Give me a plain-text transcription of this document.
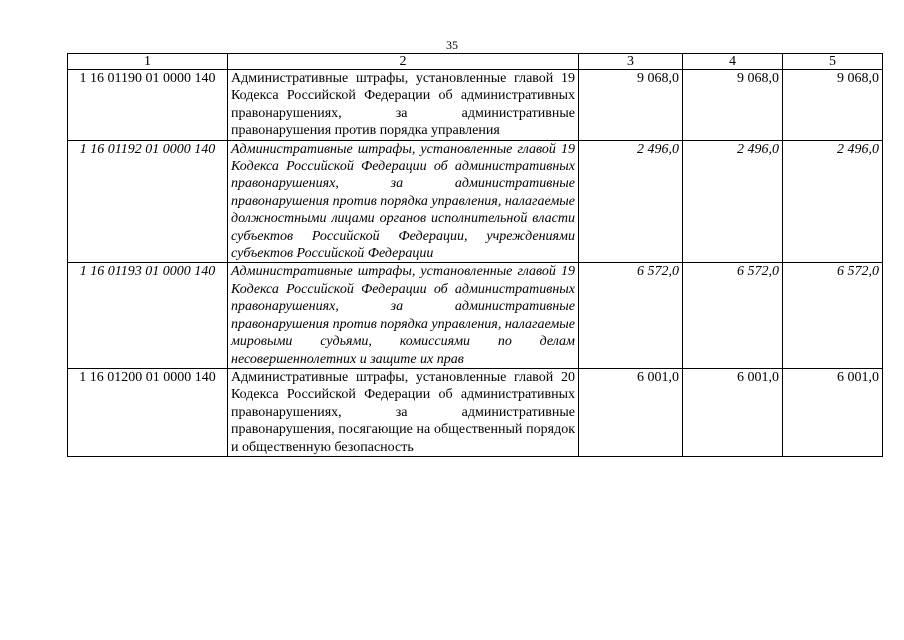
35
1	2	3	4	5
1 16 01190 01 0000 140	Административные штрафы, установленные главой 19 Кодекса Российской Федерации об административных правонарушениях, за административные правонарушения против порядка управления	9 068,0	9 068,0	9 068,0
1 16 01192 01 0000 140	Административные штрафы, установленные главой 19 Кодекса Российской Федерации об административных правонарушениях, за административные правонарушения против порядка управления, налагаемые должностными лицами органов исполнительной власти субъектов Российской Федерации, учреждениями субъектов Российской Федерации	2 496,0	2 496,0	2 496,0
1 16 01193 01 0000 140	Административные штрафы, установленные главой 19 Кодекса Российской Федерации об административных правонарушениях, за административные правонарушения против порядка управления, налагаемые мировыми судьями, комиссиями по делам несовершеннолетних и защите их прав	6 572,0	6 572,0	6 572,0
1 16 01200 01 0000 140	Административные штрафы, установленные главой 20 Кодекса Российской Федерации об административных правонарушениях, за административные правонарушения, посягающие на общественный порядок и общественную безопасность	6 001,0	6 001,0	6 001,0
